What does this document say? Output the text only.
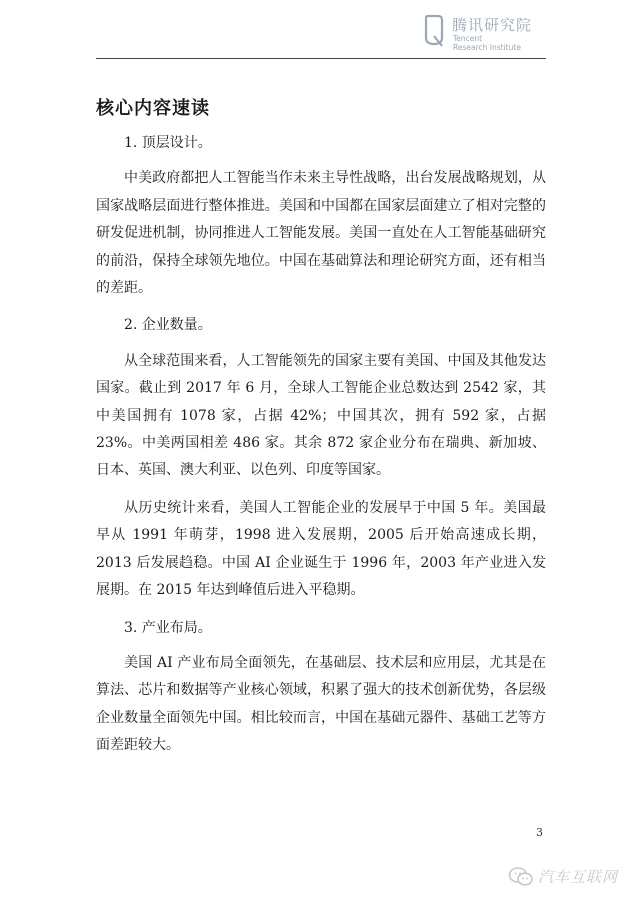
腾讯研究院
Tencent
Research Institute
核心内容速读

1. 顶层设计。

中美政府都把人工智能当作未来主导性战略，出台发展战略规划，从国家战略层面进行整体推进。美国和中国都在国家层面建立了相对完整的研发促进机制，协同推进人工智能发展。美国一直处在人工智能基础研究的前沿，保持全球领先地位。中国在基础算法和理论研究方面，还有相当的差距。

2. 企业数量。

从全球范围来看，人工智能领先的国家主要有美国、中国及其他发达国家。截止到 2017 年 6 月，全球人工智能企业总数达到 2542 家，其中美国拥有 1078 家，占据 42%；中国其次，拥有 592 家，占据 23%。中美两国相差 486 家。其余 872 家企业分布在瑞典、新加坡、日本、英国、澳大利亚、以色列、印度等国家。

从历史统计来看，美国人工智能企业的发展早于中国 5 年。美国最早从 1991 年萌芽，1998 进入发展期，2005 后开始高速成长期，2013 后发展趋稳。中国 AI 企业诞生于 1996 年，2003 年产业进入发展期。在 2015 年达到峰值后进入平稳期。

3. 产业布局。

美国 AI 产业布局全面领先，在基础层、技术层和应用层，尤其是在算法、芯片和数据等产业核心领域，积累了强大的技术创新优势，各层级企业数量全面领先中国。相比较而言，中国在基础元器件、基础工艺等方面差距较大。

3
汽车互联网
